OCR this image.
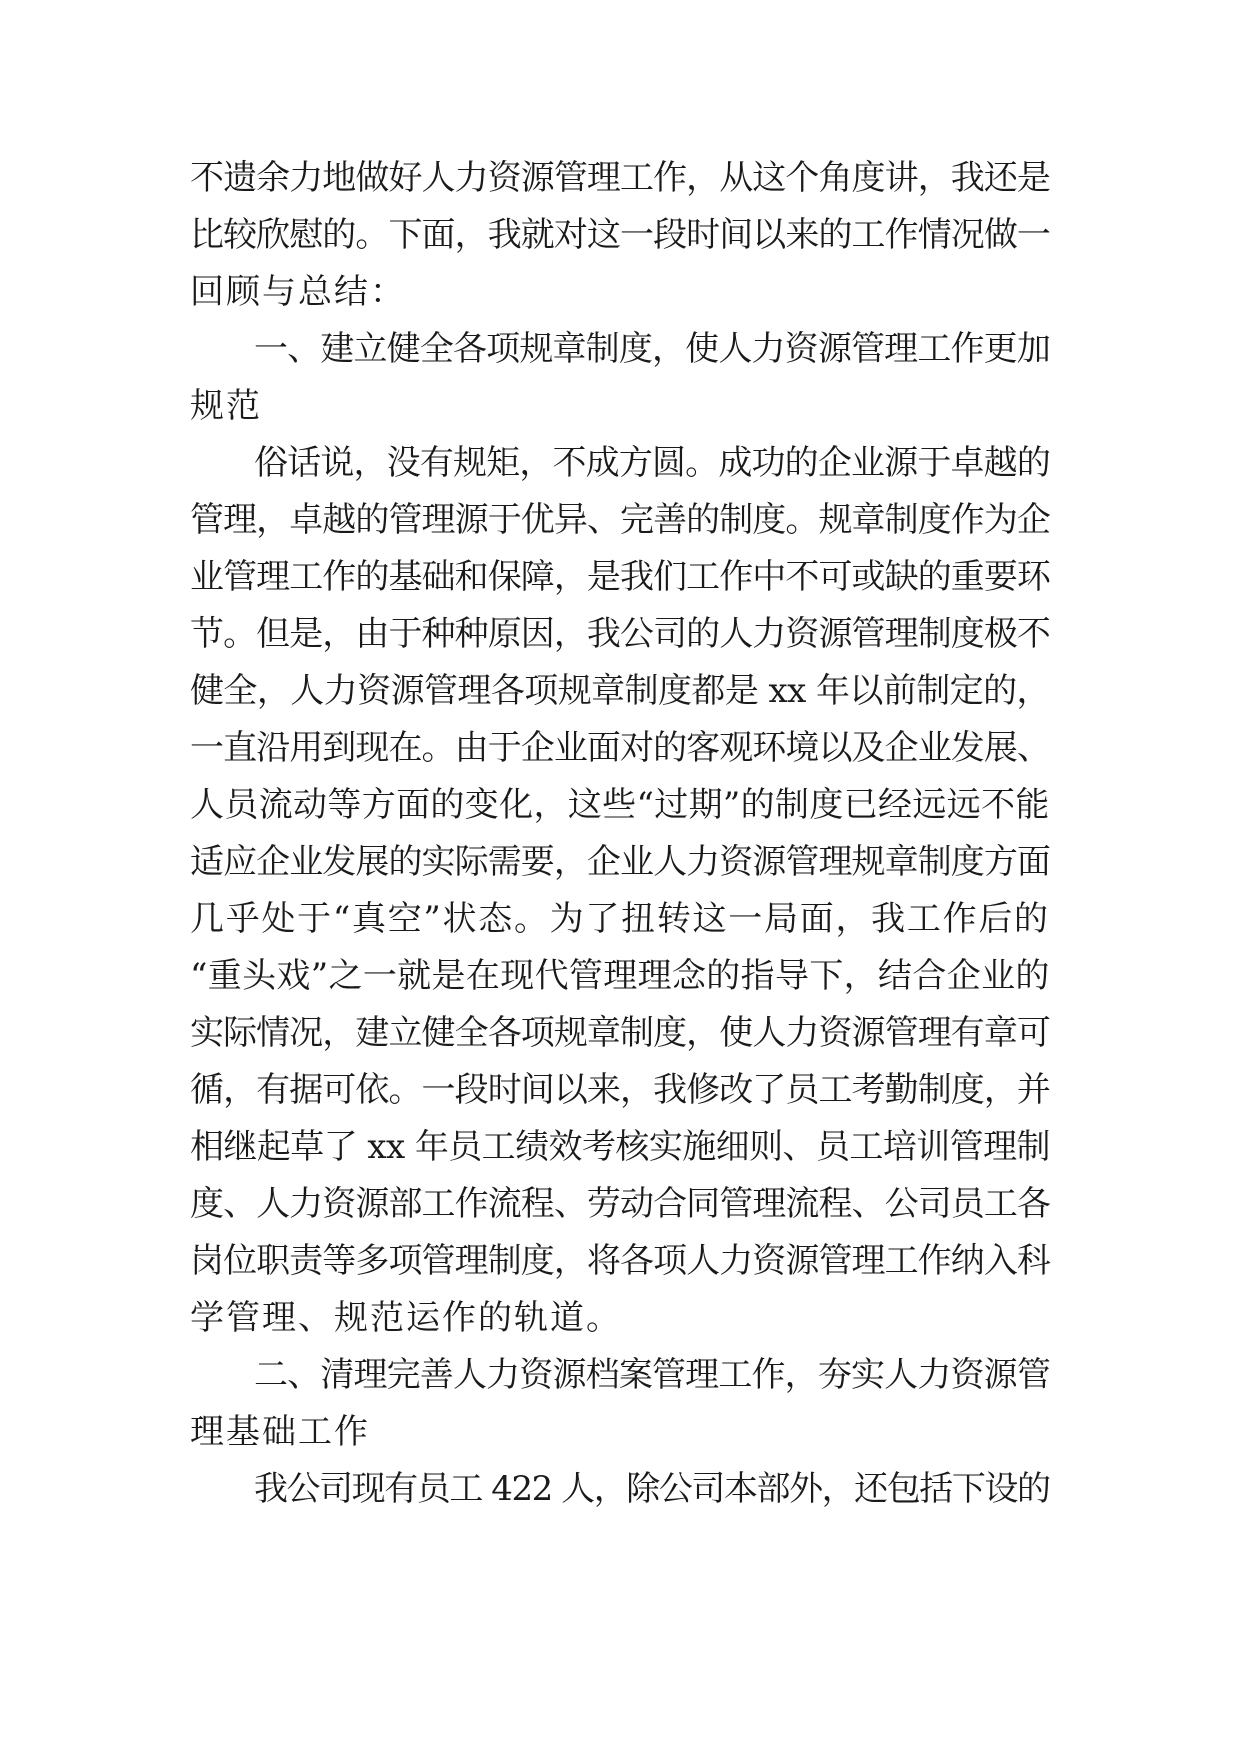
不遗余力地做好人力资源管理工作，从这个角度讲，我还是
比较欣慰的。下面，我就对这一段时间以来的工作情况做一
回顾与总结：
一、建立健全各项规章制度，使人力资源管理工作更加
规范
俗话说，没有规矩，不成方圆。成功的企业源于卓越的
管理，卓越的管理源于优异、完善的制度。规章制度作为企
业管理工作的基础和保障，是我们工作中不可或缺的重要环
节。但是，由于种种原因，我公司的人力资源管理制度极不
健全，人力资源管理各项规章制度都是 xx 年以前制定的，
一直沿用到现在。由于企业面对的客观环境以及企业发展、
人员流动等方面的变化，这些“过期”的制度已经远远不能
适应企业发展的实际需要，企业人力资源管理规章制度方面
几乎处于“真空”状态。为了扭转这一局面，我工作后的
“重头戏”之一就是在现代管理理念的指导下，结合企业的
实际情况，建立健全各项规章制度，使人力资源管理有章可
循，有据可依。一段时间以来，我修改了员工考勤制度，并
相继起草了 xx 年员工绩效考核实施细则、员工培训管理制
度、人力资源部工作流程、劳动合同管理流程、公司员工各
岗位职责等多项管理制度，将各项人力资源管理工作纳入科
学管理、规范运作的轨道。
二、清理完善人力资源档案管理工作，夯实人力资源管
理基础工作
我公司现有员工 422 人，除公司本部外，还包括下设的
